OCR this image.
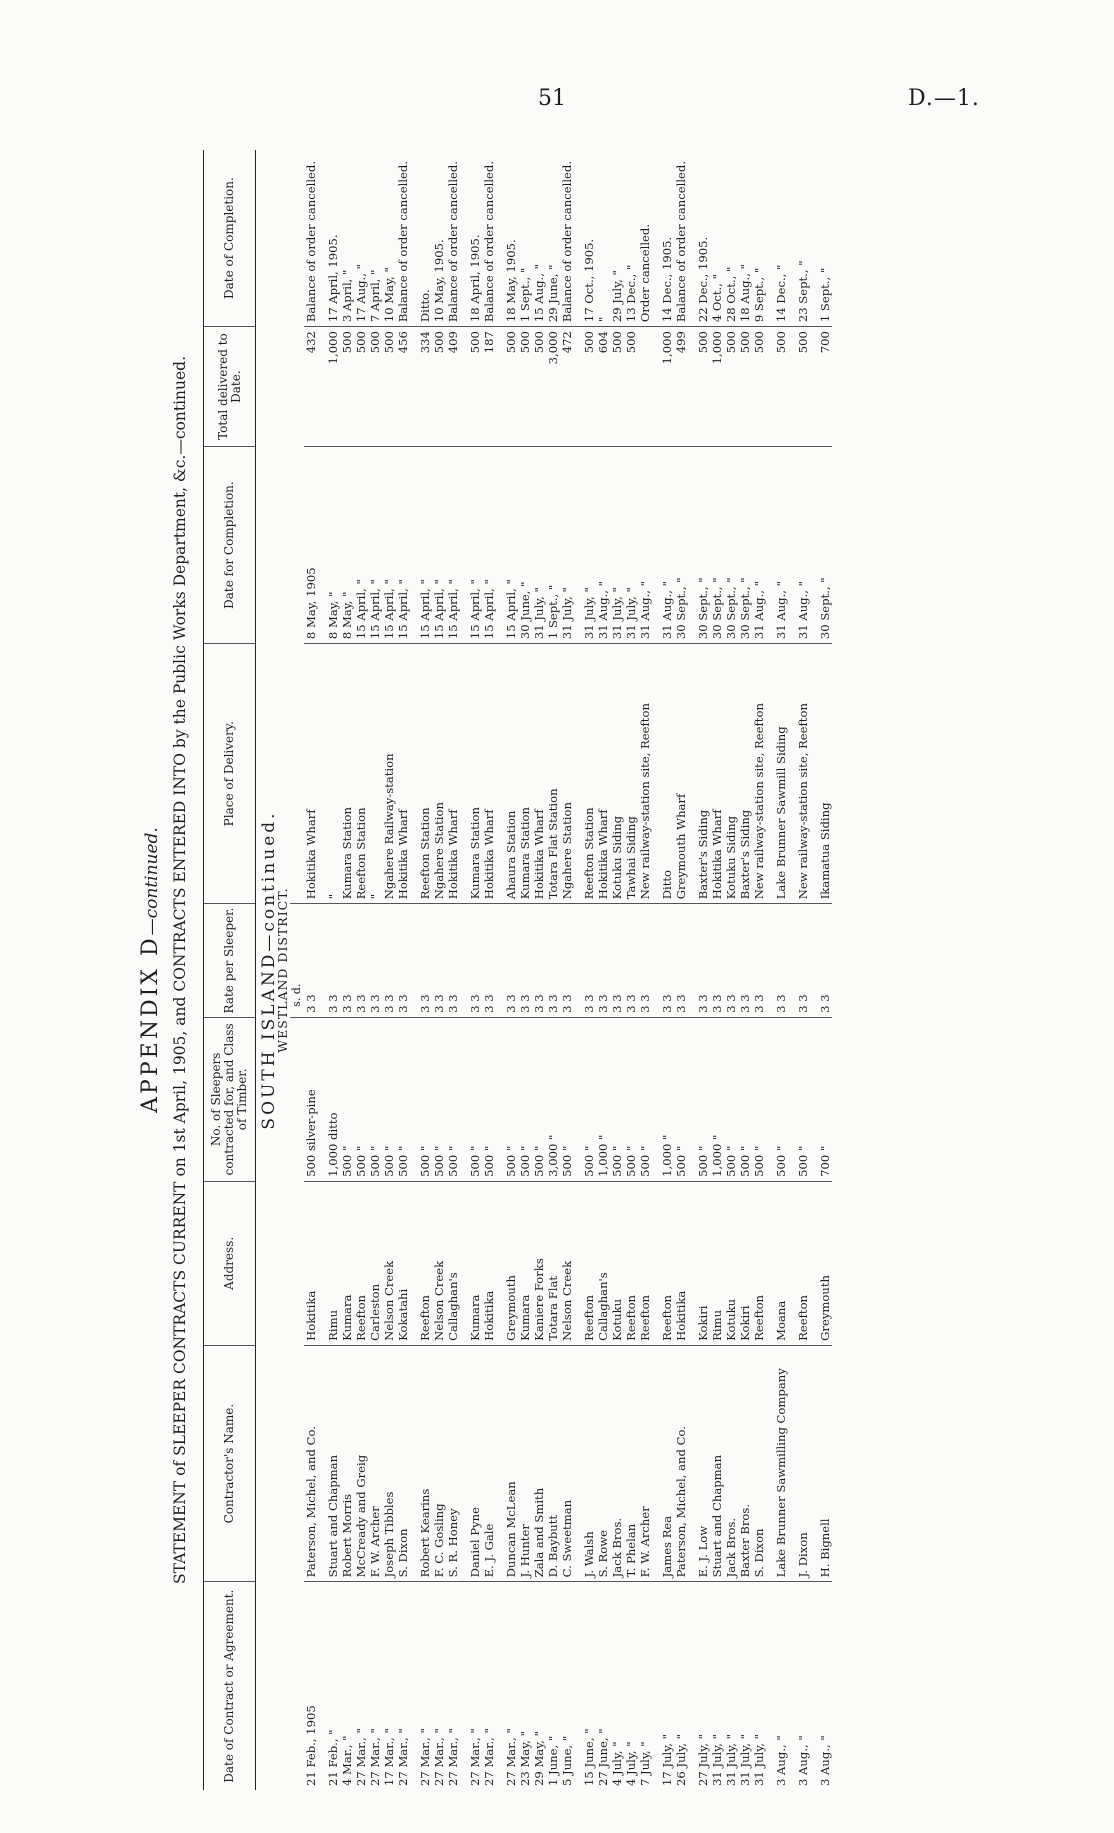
51	D.—1.
APPENDIX D—continued. STATEMENT of SLEEPER CONTRACTS CURRENT on 1st April, 1905, and CONTRACTS ENTERED INTO by the Public Works Department, &c.—continued.
Date of Contract or Agreement.	Contractor's Name.	Address.	No. of Sleepers contracted for, and Class of Timber.	Rate per Sleeper.	Place of Delivery.	Date for Completion.	Total delivered to Date.	Date of Completion.
SOUTH ISLAND—continued.								
WESTLAND DISTRICT.								
				s. d.				
21 Feb., 1905	Paterson, Michel, and Co.	Hokitika	500 silver-pine	3 3	Hokitika Wharf	8 May, 1905	432	Balance of order cancelled.

21 Feb., "	Stuart and Chapman	Rimu	1,000 ditto	3 3	"	8 May, "	1,000	17 April, 1905.
4 Mar., "	Robert Morris	Kumara	500 "	3 3	Kumara Station	8 May, "	500	3 April, "
27 Mar., "	McCready and Greig	Reefton	500 "	3 3	Reefton Station	15 April, "	500	17 Aug., "
27 Mar., "	F. W. Archer	Carleston	500 "	3 3	"	15 April, "	500	7 April, "
17 Mar., "	Joseph Tibbles	Nelson Creek	500 "	3 3	Ngahere Railway-station	15 April, "	500	10 May, "
27 Mar., "	S. Dixon	Kokatahi	500 "	3 3	Hokitika Wharf	15 April, "	456	Balance of order cancelled.

27 Mar., "	Robert Kearins	Reefton	500 "	3 3	Reefton Station	15 April, "	334	Ditto.
27 Mar., "	F. C. Gosling	Nelson Creek	500 "	3 3	Ngahere Station	15 April, "	500	10 May, 1905.
27 Mar., "	S. R. Honey	Callaghan's	500 "	3 3	Hokitika Wharf	15 April, "	409	Balance of order cancelled.

27 Mar., "	Daniel Pyne	Kumara	500 "	3 3	Kumara Station	15 April, "	500	18 April, 1905.
27 Mar., "	E. J. Gale	Hokitika	500 "	3 3	Hokitika Wharf	15 April, "	187	Balance of order cancelled.

27 Mar., "	Duncan McLean	Greymouth	500 "	3 3	Ahaura Station	15 April, "	500	18 May, 1905.
23 May, "	J. Hunter	Kumara	500 "	3 3	Kumara Station	30 June, "	500	1 Sept., "
29 May, "	Zala and Smith	Kaniere Forks	500 "	3 3	Hokitika Wharf	31 July, "	500	15 Aug., "
1 June, "	D. Baybutt	Totara Flat	3,000 "	3 3	Totara Flat Station	1 Sept., "	3,000	29 June, "
5 June, "	C. Sweetman	Nelson Creek	500 "	3 3	Ngahere Station	31 July, "	472	Balance of order cancelled.

15 June, "	J. Walsh	Reefton	500 "	3 3	Reefton Station	31 July, "	500	17 Oct., 1905.
27 June, "	S. Rowe	Callaghan's	1,000 "	3 3	Hokitika Wharf	31 Aug., "	604	"
4 July, "	Jack Bros.	Kotuku	500 "	3 3	Kotuku Siding	31 July, "	500	29 July, "
4 July, "	T. Phelan	Reefton	500 "	3 3	Tawhai Siding	31 July, "	500	13 Dec., "
7 July, "	F. W. Archer	Reefton	500 "	3 3	New railway-station site, Reefton	31 Aug., "		Order cancelled.

17 July, "	James Rea	Reefton	1,000 "	3 3	Ditto	31 Aug., "	1,000	14 Dec., 1905.
26 July, "	Paterson, Michel, and Co.	Hokitika	500 "	3 3	Greymouth Wharf	30 Sept., "	499	Balance of order cancelled.

27 July, "	E. J. Low	Kokiri	500 "	3 3	Baxter's Siding	30 Sept., "	500	22 Dec., 1905.
31 July, "	Stuart and Chapman	Rimu	1,000 "	3 3	Hokitika Wharf	30 Sept., "	1,000	4 Oct., "
31 July, "	Jack Bros.	Kotuku	500 "	3 3	Kotuku Siding	30 Sept., "	500	28 Oct., "
31 July, "	Baxter Bros.	Kokiri	500 "	3 3	Baxter's Siding	30 Sept., "	500	18 Aug., "
31 July, "	S. Dixon	Reefton	500 "	3 3	New railway-station site, Reefton	31 Aug., "	500	9 Sept., "

3 Aug., "	Lake Brunner Sawmilling Company	Moana	500 "	3 3	Lake Brunner Sawmill Siding	31 Aug., "	500	14 Dec., "

3 Aug., "	J. Dixon	Reefton	500 "	3 3	New railway-station site, Reefton	31 Aug., "	500	23 Sept., "

3 Aug., "	H. Bignell	Greymouth	700 "	3 3	Ikamatua Siding	30 Sept., "	700	1 Sept., "
